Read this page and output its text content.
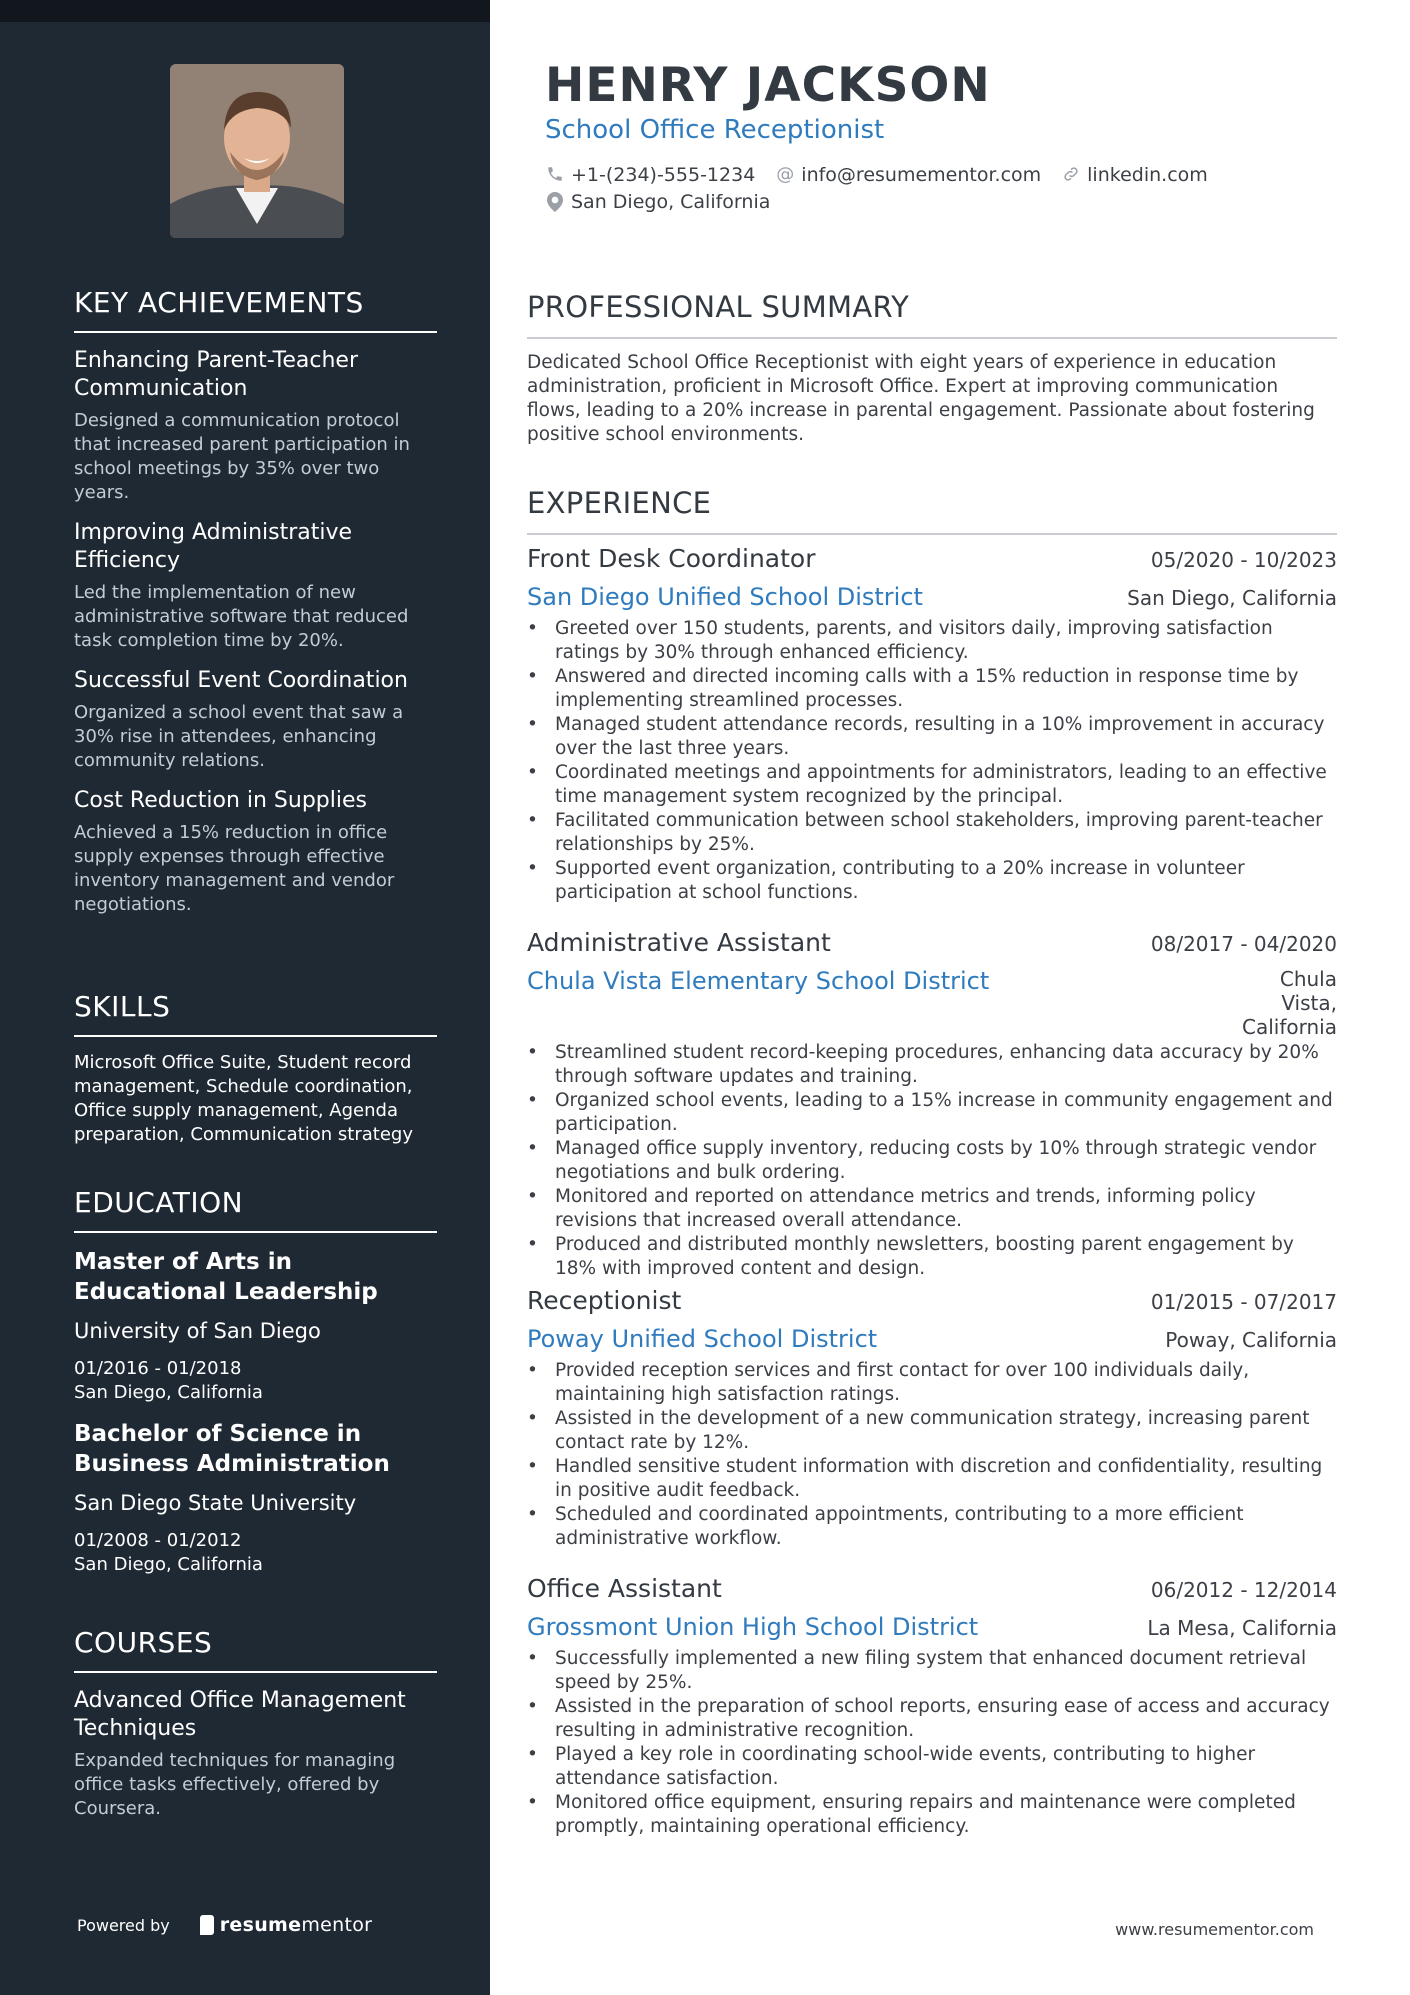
KEY ACHIEVEMENTS
Enhancing Parent-Teacher Communication
Designed a communication protocol that increased parent participation in school meetings by 35% over two years.
Improving Administrative Efficiency
Led the implementation of new administrative software that reduced task completion time by 20%.
Successful Event Coordination
Organized a school event that saw a 30% rise in attendees, enhancing community relations.
Cost Reduction in Supplies
Achieved a 15% reduction in office supply expenses through effective inventory management and vendor negotiations.
SKILLS
Microsoft Office Suite, Student record management, Schedule coordination, Office supply management, Agenda preparation, Communication strategy
EDUCATION
Master of Arts in Educational Leadership
University of San Diego
01/2016 - 01/2018
San Diego, California
Bachelor of Science in Business Administration
San Diego State University
01/2008 - 01/2012
San Diego, California
COURSES
Advanced Office Management Techniques
Expanded techniques for managing office tasks effectively, offered by Coursera.
Powered by	resumementor
HENRY JACKSON
School Office Receptionist
+1-(234)-555-1234 @ info@resumementor.com linkedin.com
San Diego, California
PROFESSIONAL SUMMARY
Dedicated School Office Receptionist with eight years of experience in education administration, proficient in Microsoft Office. Expert at improving communication flows, leading to a 20% increase in parental engagement. Passionate about fostering positive school environments.
EXPERIENCE
Front Desk Coordinator	05/2020 - 10/2023
San Diego Unified School District	San Diego, California
• Greeted over 150 students, parents, and visitors daily, improving satisfaction ratings by 30% through enhanced efficiency.
• Answered and directed incoming calls with a 15% reduction in response time by implementing streamlined processes.
• Managed student attendance records, resulting in a 10% improvement in accuracy over the last three years.
• Coordinated meetings and appointments for administrators, leading to an effective time management system recognized by the principal.
• Facilitated communication between school stakeholders, improving parent-teacher relationships by 25%.
• Supported event organization, contributing to a 20% increase in volunteer participation at school functions.
Administrative Assistant	08/2017 - 04/2020
Chula Vista Elementary School District	Chula Vista, California
• Streamlined student record-keeping procedures, enhancing data accuracy by 20% through software updates and training.
• Organized school events, leading to a 15% increase in community engagement and participation.
• Managed office supply inventory, reducing costs by 10% through strategic vendor negotiations and bulk ordering.
• Monitored and reported on attendance metrics and trends, informing policy revisions that increased overall attendance.
• Produced and distributed monthly newsletters, boosting parent engagement by 18% with improved content and design.
Receptionist	01/2015 - 07/2017
Poway Unified School District	Poway, California
• Provided reception services and first contact for over 100 individuals daily, maintaining high satisfaction ratings.
• Assisted in the development of a new communication strategy, increasing parent contact rate by 12%.
• Handled sensitive student information with discretion and confidentiality, resulting in positive audit feedback.
• Scheduled and coordinated appointments, contributing to a more efficient administrative workflow.
Office Assistant	06/2012 - 12/2014
Grossmont Union High School District	La Mesa, California
• Successfully implemented a new filing system that enhanced document retrieval speed by 25%.
• Assisted in the preparation of school reports, ensuring ease of access and accuracy resulting in administrative recognition.
• Played a key role in coordinating school-wide events, contributing to higher attendance satisfaction.
• Monitored office equipment, ensuring repairs and maintenance were completed promptly, maintaining operational efficiency.
www.resumementor.com
